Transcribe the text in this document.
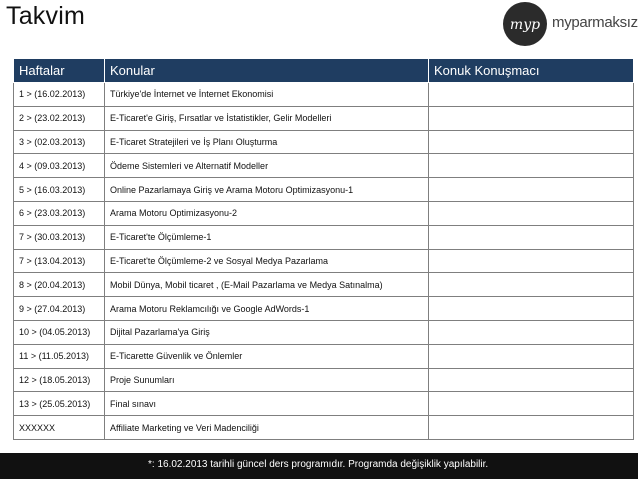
Takvim	myp myparmaksız
Haftalar	Konular	Konuk Konuşmacı
1 > (16.02.2013)	Türkiye'de İnternet ve İnternet Ekonomisi	
2 > (23.02.2013)	E-Ticaret'e Giriş, Fırsatlar ve İstatistikler, Gelir Modelleri	
3 > (02.03.2013)	E-Ticaret Stratejileri ve İş Planı Oluşturma	
4 > (09.03.2013)	Ödeme Sistemleri ve Alternatif Modeller	
5 > (16.03.2013)	Online Pazarlamaya Giriş ve Arama Motoru Optimizasyonu-1	
6 > (23.03.2013)	Arama Motoru Optimizasyonu-2	
7 > (30.03.2013)	E-Ticaret'te Ölçümleme-1	
7 > (13.04.2013)	E-Ticaret'te Ölçümleme-2 ve Sosyal Medya Pazarlama	
8 > (20.04.2013)	Mobil Dünya, Mobil ticaret , (E-Mail Pazarlama ve Medya Satınalma)	
9 > (27.04.2013)	Arama Motoru Reklamcılığı ve Google AdWords-1	
10 > (04.05.2013)	Dijital Pazarlama'ya Giriş	
11 > (11.05.2013)	E-Ticarette Güvenlik ve Önlemler	
12 > (18.05.2013)	Proje Sunumları	
13 > (25.05.2013)	Final sınavı	
XXXXXX	Affiliate Marketing ve Veri Madenciliği	
*: 16.02.2013 tarihli güncel ders programıdır. Programda değişiklik yapılabilir.
